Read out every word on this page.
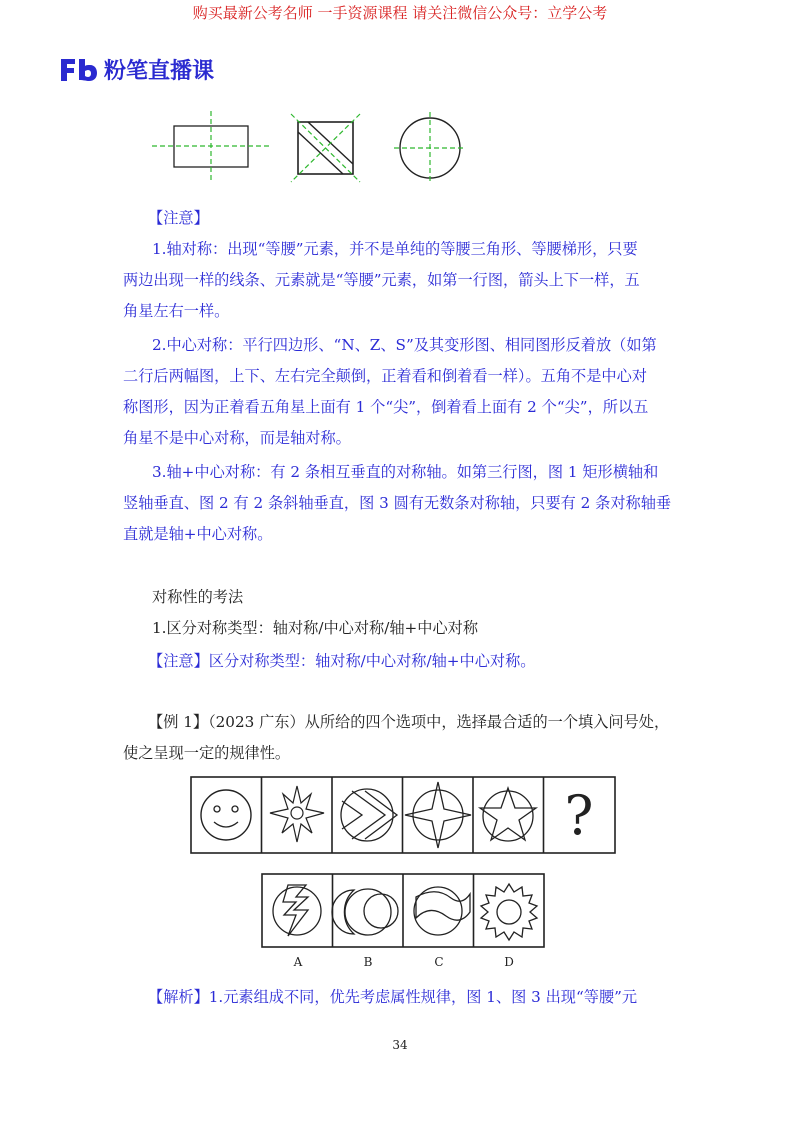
购买最新公考名师 一手资源课程 请关注微信公众号：立学公考
粉笔直播课
【注意】
1.轴对称：出现“等腰”元素，并不是单纯的等腰三角形、等腰梯形，只要
两边出现一样的线条、元素就是“等腰”元素，如第一行图，箭头上下一样，五
角星左右一样。
2.中心对称：平行四边形、“N、Z、S”及其变形图、相同图形反着放（如第
二行后两幅图，上下、左右完全颠倒，正着看和倒着看一样）。五角不是中心对
称图形，因为正着看五角星上面有 1 个“尖”，倒着看上面有 2 个“尖”，所以五
角星不是中心对称，而是轴对称。
3.轴+中心对称：有 2 条相互垂直的对称轴。如第三行图，图 1 矩形横轴和
竖轴垂直、图 2 有 2 条斜轴垂直，图 3 圆有无数条对称轴，只要有 2 条对称轴垂
直就是轴+中心对称。
对称性的考法
1.区分对称类型：轴对称/中心对称/轴+中心对称
【注意】区分对称类型：轴对称/中心对称/轴+中心对称。
【例 1】（2023 广东）从所给的四个选项中，选择最合适的一个填入问号处，
使之呈现一定的规律性。
?
A	B	C	D
【解析】1.元素组成不同，优先考虑属性规律，图 1、图 3 出现“等腰”元
34
